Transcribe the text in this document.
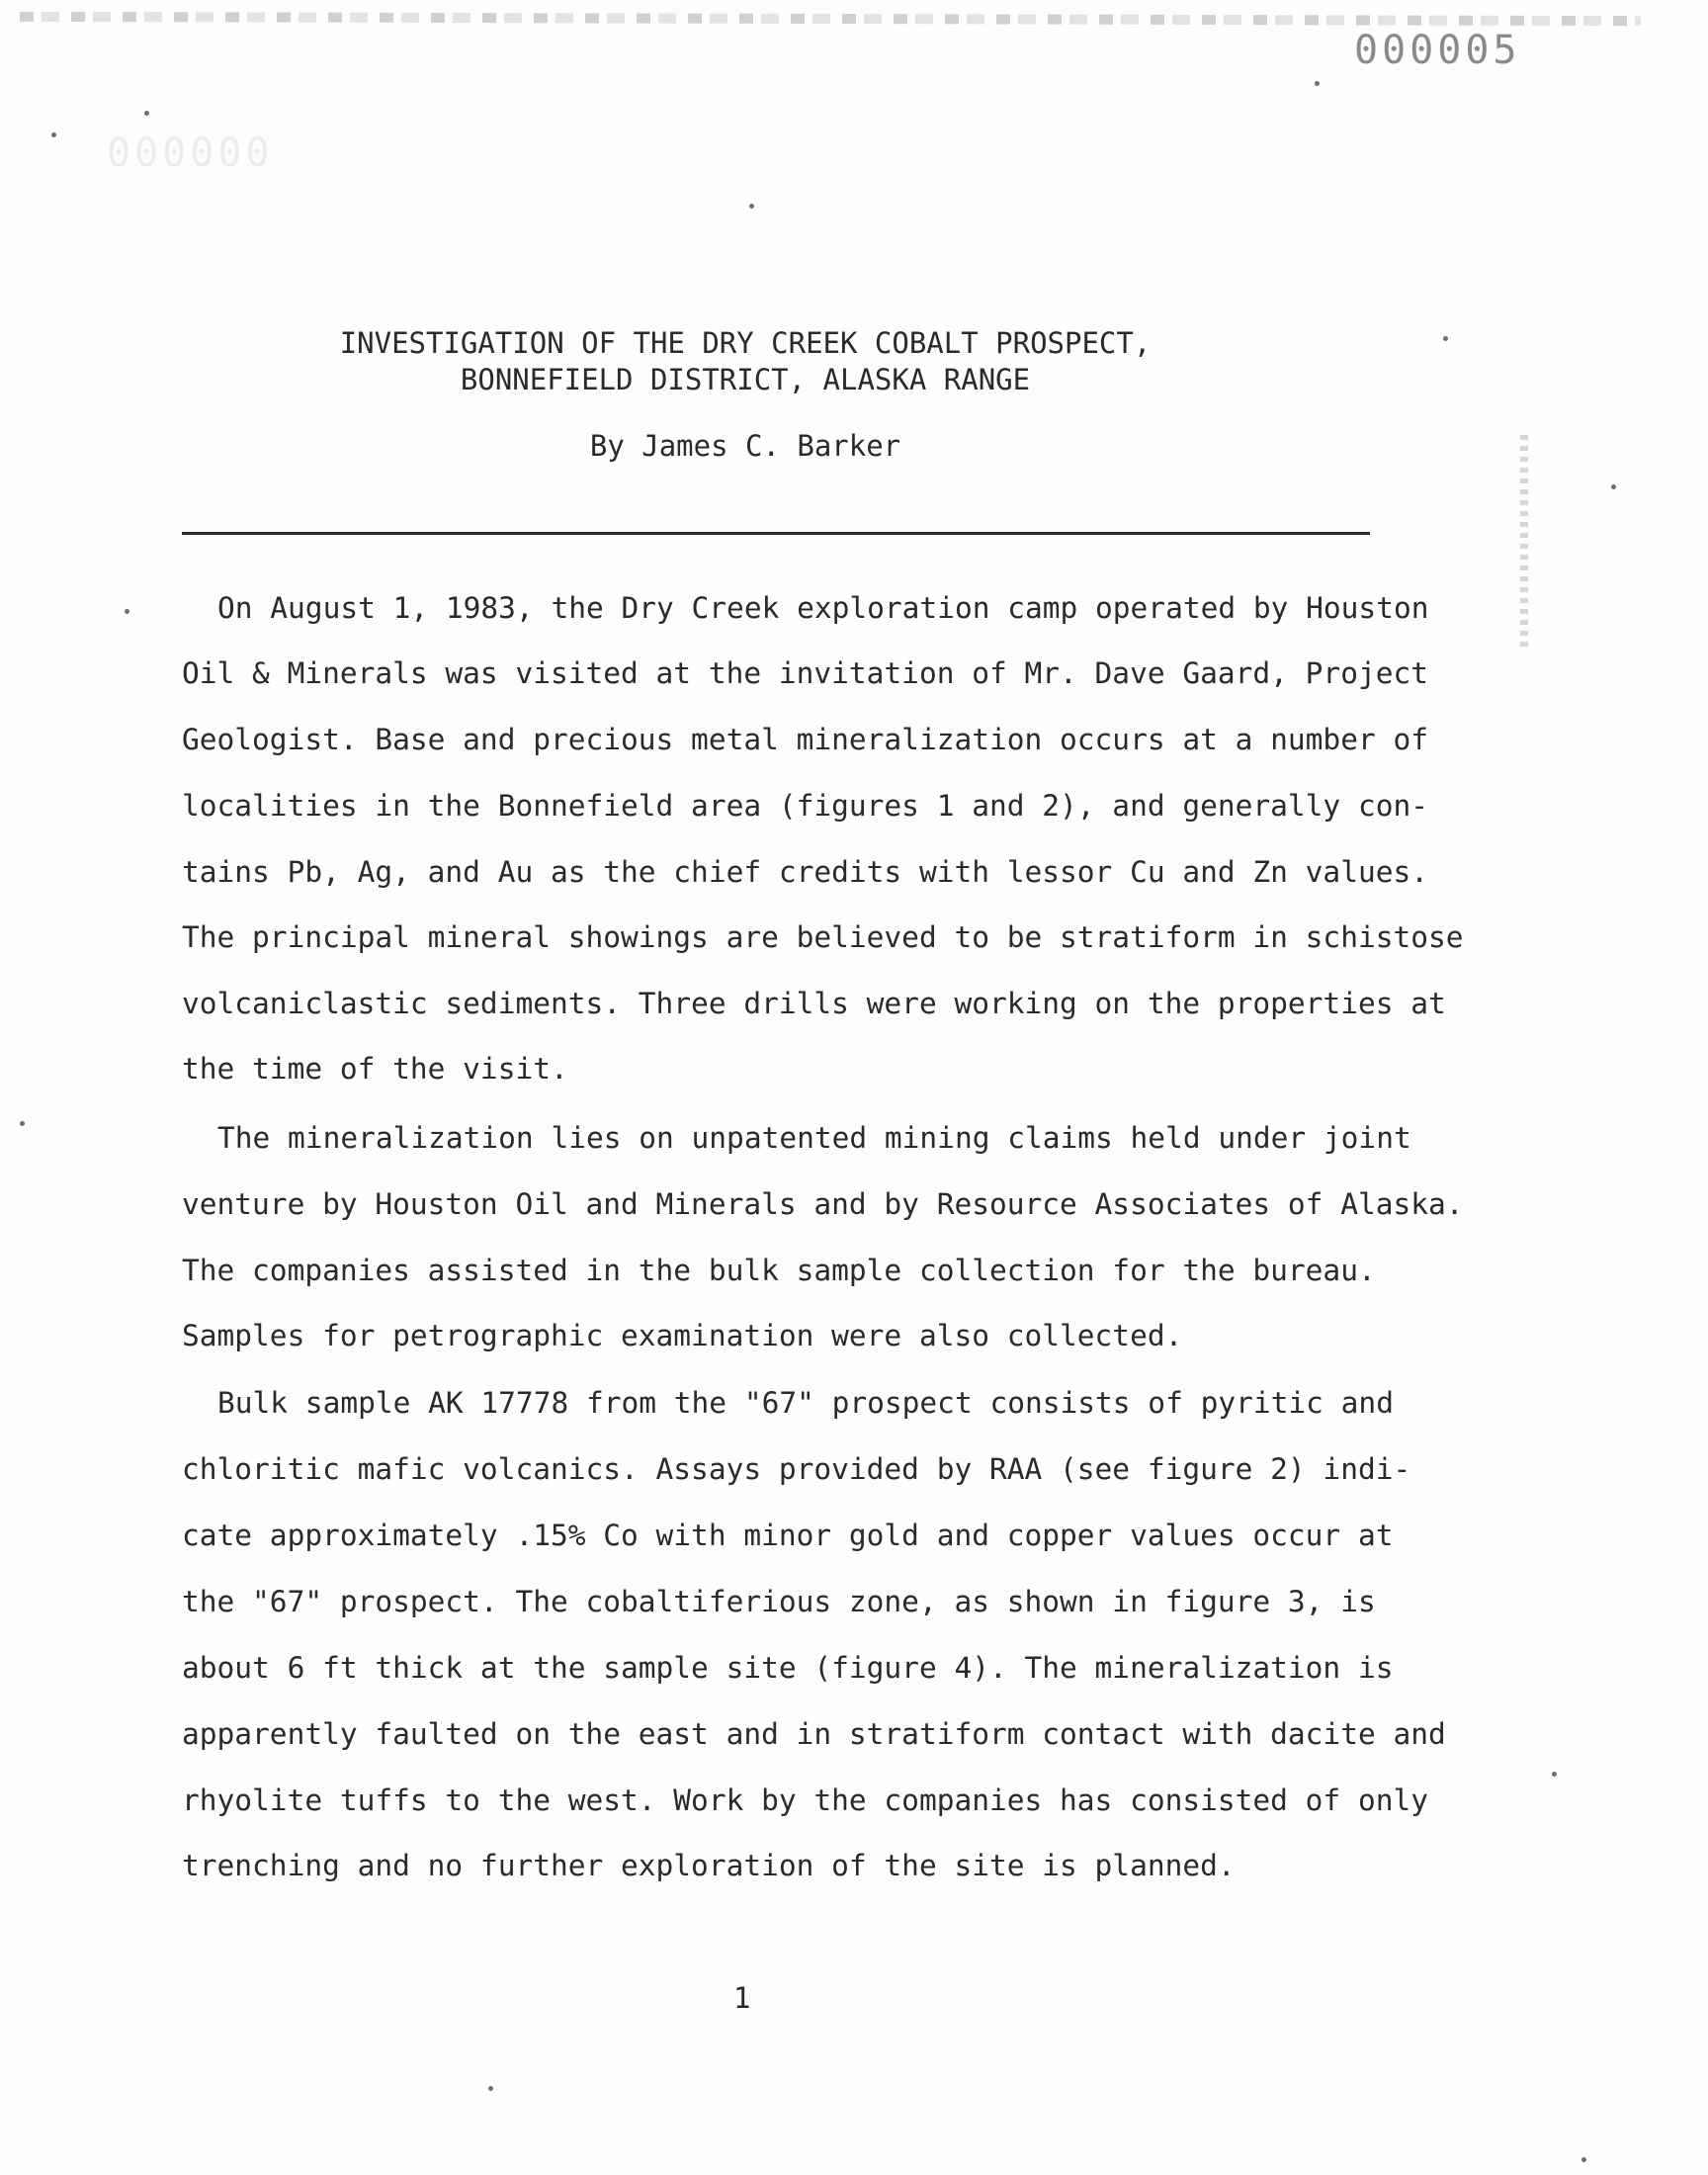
000000
000005
INVESTIGATION OF THE DRY CREEK COBALT PROSPECT,
BONNEFIELD DISTRICT, ALASKA RANGE
By James C. Barker
On August 1, 1983, the Dry Creek exploration camp operated by Houston
Oil & Minerals was visited at the invitation of Mr. Dave Gaard, Project
Geologist. Base and precious metal mineralization occurs at a number of
localities in the Bonnefield area (figures 1 and 2), and generally con-
tains Pb, Ag, and Au as the chief credits with lessor Cu and Zn values.
The principal mineral showings are believed to be stratiform in schistose
volcaniclastic sediments. Three drills were working on the properties at
the time of the visit.
The mineralization lies on unpatented mining claims held under joint
venture by Houston Oil and Minerals and by Resource Associates of Alaska.
The companies assisted in the bulk sample collection for the bureau.
Samples for petrographic examination were also collected.
Bulk sample AK 17778 from the "67" prospect consists of pyritic and
chloritic mafic volcanics. Assays provided by RAA (see figure 2) indi-
cate approximately .15% Co with minor gold and copper values occur at
the "67" prospect. The cobaltiferious zone, as shown in figure 3, is
about 6 ft thick at the sample site (figure 4). The mineralization is
apparently faulted on the east and in stratiform contact with dacite and
rhyolite tuffs to the west. Work by the companies has consisted of only
trenching and no further exploration of the site is planned.
1
